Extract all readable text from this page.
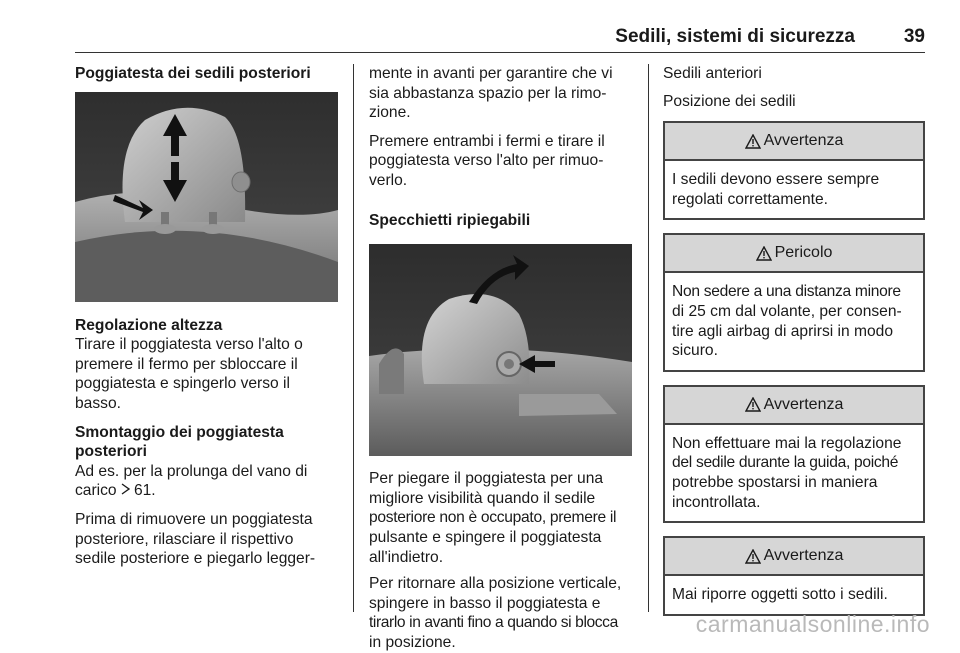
Sedili, sistemi di sicurezza	39

Poggiatesta dei sedili posteriori

Regolazione altezza

Tirare il poggiatesta verso l'alto o

premere il fermo per sbloccare il

poggiatesta e spingerlo verso il

basso.

Smontaggio dei poggiatesta

posteriori

Ad es. per la prolunga del vano di

carico 61.

Prima di rimuovere un poggiatesta

posteriore, rilasciare il rispettivo

sedile posteriore e piegarlo legger-

mente in avanti per garantire che vi

sia abbastanza spazio per la rimo-

zione.

Premere entrambi i fermi e tirare il

poggiatesta verso l'alto per rimuo-

verlo.

Specchietti ripiegabili

Per piegare il poggiatesta per una

migliore visibilità quando il sedile

posteriore non è occupato, premere il

pulsante e spingere il poggiatesta

all'indietro.

Per ritornare alla posizione verticale,

spingere in basso il poggiatesta e

tirarlo in avanti fino a quando si blocca

in posizione.

Sedili anteriori

Posizione dei sedili

Avvertenza
I sedili devono essere sempre
regolati correttamente.
Pericolo
Non sedere a una distanza minore
di 25 cm dal volante, per consen-
tire agli airbag di aprirsi in modo
sicuro.
Avvertenza
Non effettuare mai la regolazione
del sedile durante la guida, poiché
potrebbe spostarsi in maniera
incontrollata.
Avvertenza
Mai riporre oggetti sotto i sedili.
carmanualsonline.info
